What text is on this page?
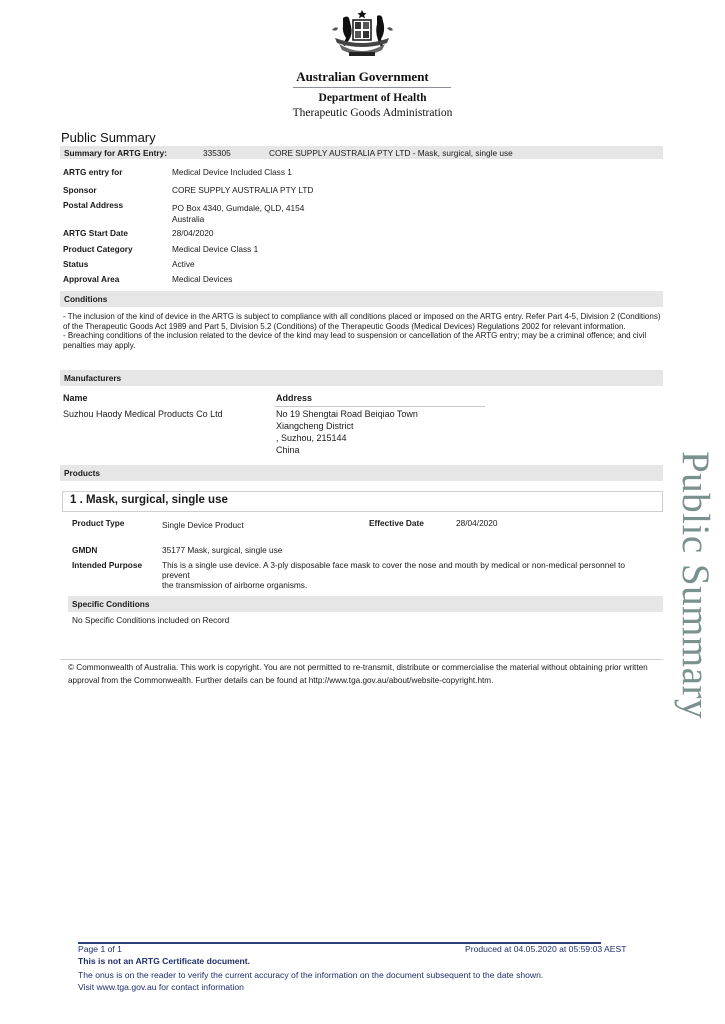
Australian Government
Department of Health
Therapeutic Goods Administration
Public Summary
Summary for ARTG Entry:	335305	CORE SUPPLY AUSTRALIA PTY LTD - Mask, surgical, single use
ARTG entry for	Medical Device Included Class 1
Sponsor	CORE SUPPLY AUSTRALIA PTY LTD
Postal Address	PO Box 4340, Gumdale, QLD, 4154
Australia
ARTG Start Date	28/04/2020
Product Category	Medical Device Class 1
Status	Active
Approval Area	Medical Devices
Conditions
- The inclusion of the kind of device in the ARTG is subject to compliance with all conditions placed or imposed on the ARTG entry. Refer Part 4-5, Division 2 (Conditions) of the Therapeutic Goods Act 1989 and Part 5, Division 5.2 (Conditions) of the Therapeutic Goods (Medical Devices) Regulations 2002 for relevant information.
- Breaching conditions of the inclusion related to the device of the kind may lead to suspension or cancellation of the ARTG entry; may be a criminal offence; and civil penalties may apply.
Manufacturers
Name	Address
Suzhou Haody Medical Products Co Ltd	No 19 Shengtai Road Beiqiao Town
Xiangcheng District
, Suzhou, 215144
China
Products
1 . Mask, surgical, single use
Product Type	Single Device Product	Effective Date	28/04/2020
GMDN	35177 Mask, surgical, single use
Intended Purpose This is a single use device. A 3-ply disposable face mask to cover the nose and mouth by medical or non-medical personnel to
prevent
the transmission of airborne organisms.
Specific Conditions
No Specific Conditions included on Record
© Commonwealth of Australia. This work is copyright. You are not permitted to re-transmit, distribute or commercialise the material without obtaining prior written approval from the Commonwealth. Further details can be found at http://www.tga.gov.au/about/website-copyright.htm.	Public Summary
Page 1 of 1	Produced at 04.05.2020 at 05:59:03 AEST
This is not an ARTG Certificate document.
The onus is on the reader to verify the current accuracy of the information on the document subsequent to the date shown.
Visit www.tga.gov.au for contact information
